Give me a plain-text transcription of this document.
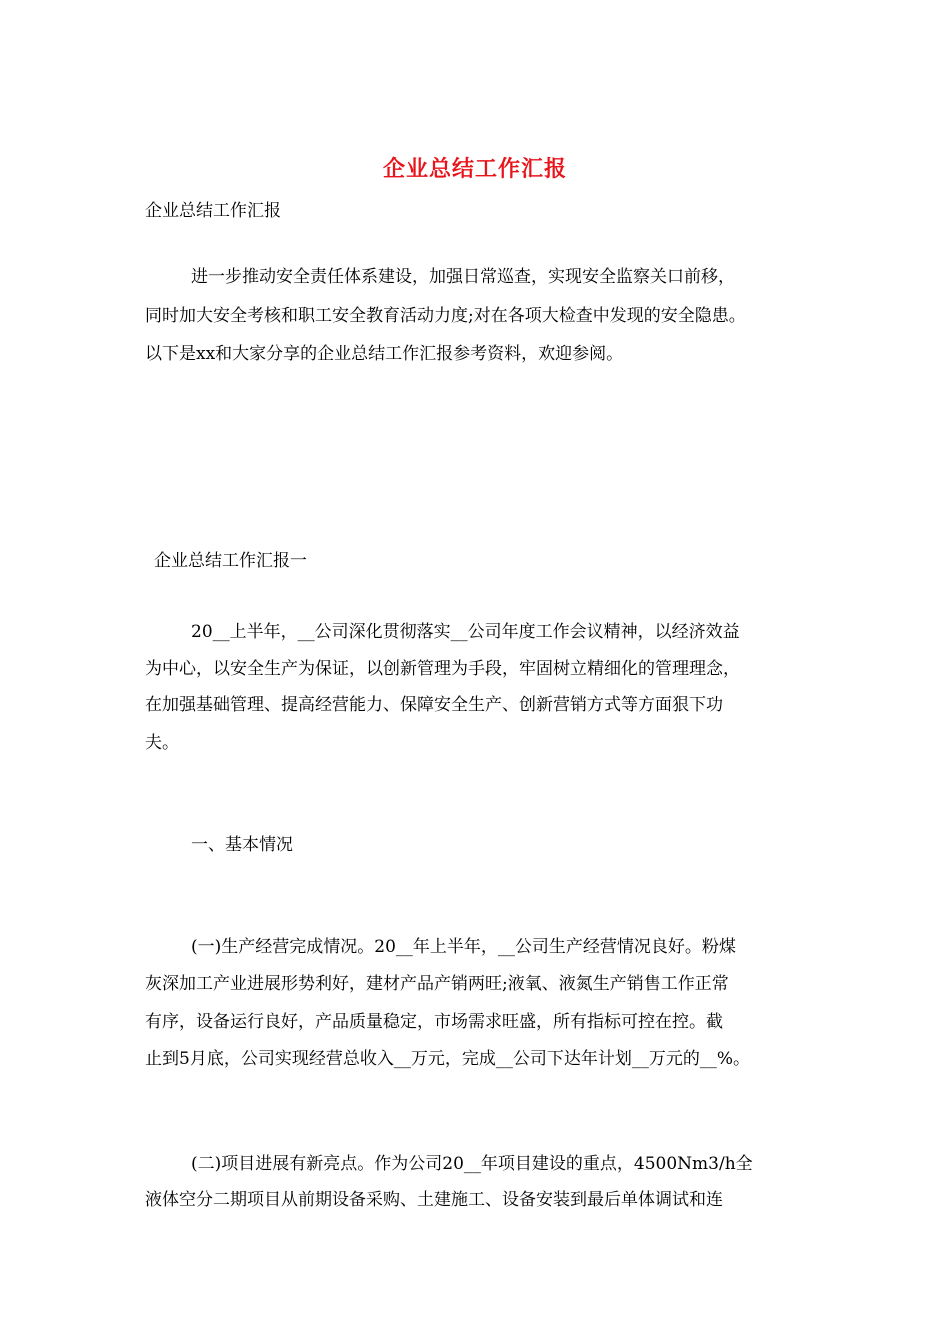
企业总结工作汇报
企业总结工作汇报
进一步推动安全责任体系建设，加强日常巡查，实现安全监察关口前移，
同时加大安全考核和职工安全教育活动力度;对在各项大检查中发现的安全隐患。
以下是xx和大家分享的企业总结工作汇报参考资料，欢迎参阅。
企业总结工作汇报一
20__上半年，__公司深化贯彻落实__公司年度工作会议精神，以经济效益
为中心，以安全生产为保证，以创新管理为手段，牢固树立精细化的管理理念，
在加强基础管理、提高经营能力、保障安全生产、创新营销方式等方面狠下功
夫。
一、基本情况
(一)生产经营完成情况。20__年上半年，__公司生产经营情况良好。粉煤
灰深加工产业进展形势利好，建材产品产销两旺;液氧、液氮生产销售工作正常
有序，设备运行良好，产品质量稳定，市场需求旺盛，所有指标可控在控。截
止到5月底，公司实现经营总收入__万元，完成__公司下达年计划__万元的__%。
(二)项目进展有新亮点。作为公司20__年项目建设的重点，4500Nm3/h全
液体空分二期项目从前期设备采购、土建施工、设备安装到最后单体调试和连
